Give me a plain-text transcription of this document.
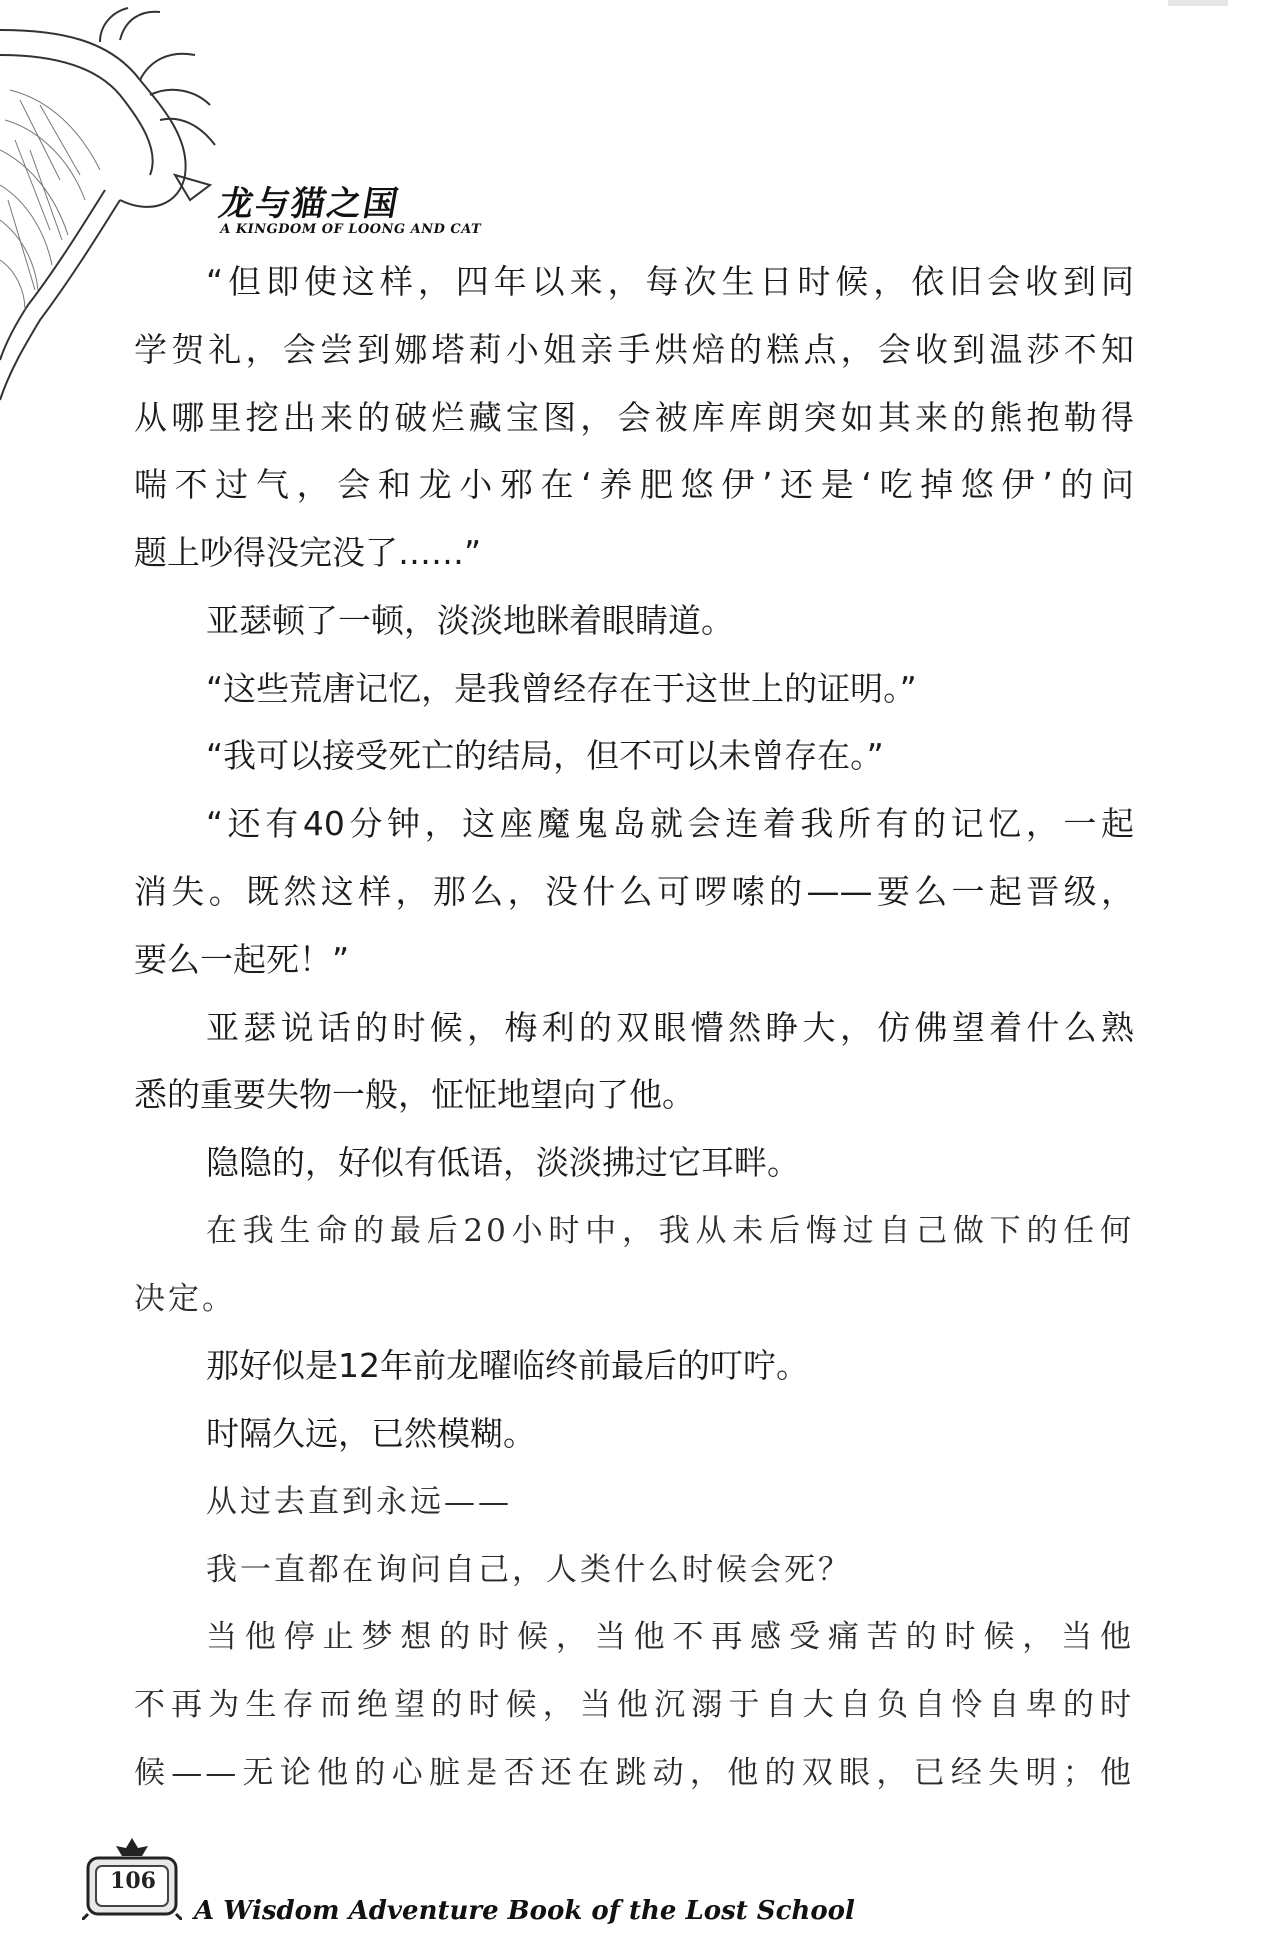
龙与猫之国
A KINGDOM OF LOONG AND CAT
“但即使这样，四年以来，每次生日时候，依旧会收到同
学贺礼，会尝到娜塔莉小姐亲手烘焙的糕点，会收到温莎不知
从哪里挖出来的破烂藏宝图，会被库库朗突如其来的熊抱勒得
喘不过气，会和龙小邪在‘养肥悠伊’还是‘吃掉悠伊’的问
题上吵得没完没了……”
亚瑟顿了一顿，淡淡地眯着眼睛道。
“这些荒唐记忆，是我曾经存在于这世上的证明。”
“我可以接受死亡的结局，但不可以未曾存在。”
“还有40分钟，这座魔鬼岛就会连着我所有的记忆，一起
消失。既然这样，那么，没什么可啰嗦的——要么一起晋级，
要么一起死！”
亚瑟说话的时候，梅利的双眼懵然睁大，仿佛望着什么熟
悉的重要失物一般，怔怔地望向了他。
隐隐的，好似有低语，淡淡拂过它耳畔。
在我生命的最后20小时中，我从未后悔过自己做下的任何
决定。
那好似是12年前龙曜临终前最后的叮咛。
时隔久远，已然模糊。
从过去直到永远——
我一直都在询问自己，人类什么时候会死？
当他停止梦想的时候，当他不再感受痛苦的时候，当他
不再为生存而绝望的时候，当他沉溺于自大自负自怜自卑的时
候——无论他的心脏是否还在跳动，他的双眼，已经失明；他
106
A Wisdom Adventure Book of the Lost School
